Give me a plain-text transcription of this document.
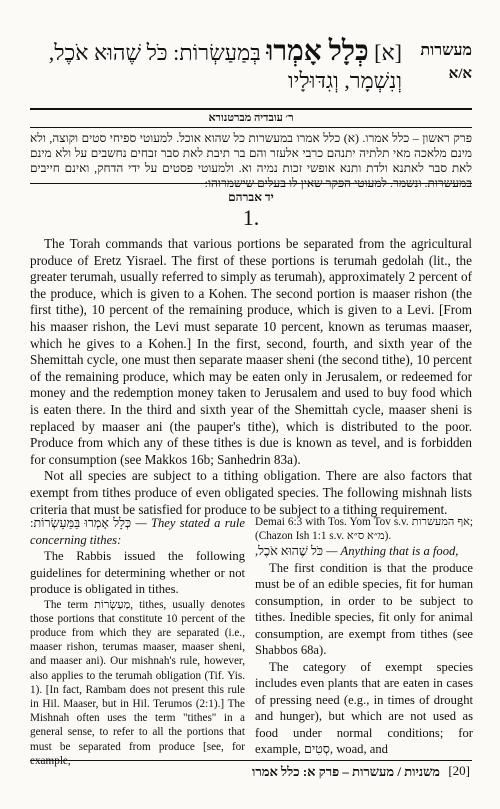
מעשרות
א/א
[א] כְּלָל אָמְרוּ בְּמַעַשְׂרוֹת: כֹּל שֶׁהוּא אֹכֶל, וְנִשְׁמָר, וְגִדּוּלָיו
ר׳ עובדיה מברטנורא
פרק ראשון – כלל אמרו. (א) כלל אמרו במעשרות כל שהוא אוכל. למעוטי ספיחי סטים וקוצה, ולא מינם מלאכה מאי תלתיה יתנהם כרבי אלעזר והם בר תיבת לאת סבר זבחים נחשבים על ולא מינם לאת סבר לאתנא ולדת ותנא אופשי זכות נמיה וא. ולמעוטי פסטים על ידי הדחק, ואינם חייבים במעשרות. ונשמר. למעוטי הפקר שאין לו בעלים שישמרוהו:
יד אברהם
1.

The Torah commands that various portions be separated from the agricultural produce of Eretz Yisrael. The first of these portions is terumah gedolah (lit., the greater terumah, usually referred to simply as terumah), approximately 2 percent of the produce, which is given to a Kohen. The second portion is maaser rishon (the first tithe), 10 percent of the remaining produce, which is given to a Levi. [From his maaser rishon, the Levi must separate 10 percent, known as terumas maaser, which he gives to a Kohen.] In the first, second, fourth, and sixth year of the Shemittah cycle, one must then separate maaser sheni (the second tithe), 10 percent of the remaining produce, which may be eaten only in Jerusalem, or redeemed for money and the redemption money taken to Jerusalem and used to buy food which is eaten there. In the third and sixth year of the Shemittah cycle, maaser sheni is replaced by maaser ani (the pauper's tithe), which is distributed to the poor. Produce from which any of these tithes is due is known as tevel, and is forbidden for consumption (see Makkos 16b; Sanhedrin 83a).

Not all species are subject to a tithing obligation. There are also factors that exempt from tithes produce of even obligated species. The following mishnah lists criteria that must be satisfied for produce to be subject to a tithing requirement.

כְּלָל אָמְרוּ בַּמַּעַשְׂרוֹת: — They stated a rule concerning tithes:

The Rabbis issued the following guidelines for determining whether or not produce is obligated in tithes.

The term מַעַשְׂרוֹת, tithes, usually denotes those portions that constitute 10 percent of the produce from which they are separated (i.e., maaser rishon, terumas maaser, maaser sheni, and maaser ani). Our mishnah's rule, however, also applies to the terumah obligation (Tif. Yis. 1). [In fact, Rambam does not present this rule in Hil. Maaser, but in Hil. Terumos (2:1).] The Mishnah often uses the term "tithes" in a general sense, to refer to all the portions that must be separated from produce [see, for example,

Demai 6:3 with Tos. Yom Tov s.v. אף המעשרות; (Chazon Ish 1:1 s.v. מ״א ס״א).

כֹּל שֶׁהוּא אֹכֶל, — Anything that is a food,

The first condition is that the produce must be of an edible species, fit for human consumption, in order to be subject to tithes. Inedible species, fit only for animal consumption, are exempt from tithes (see Shabbos 68a).

The category of exempt species includes even plants that are eaten in cases of pressing need (e.g., in times of drought and hunger), but which are not used as food under normal conditions; for example, סְטִים, woad, and

משניות / מעשרות – פרק א: כלל אמרו [20]
